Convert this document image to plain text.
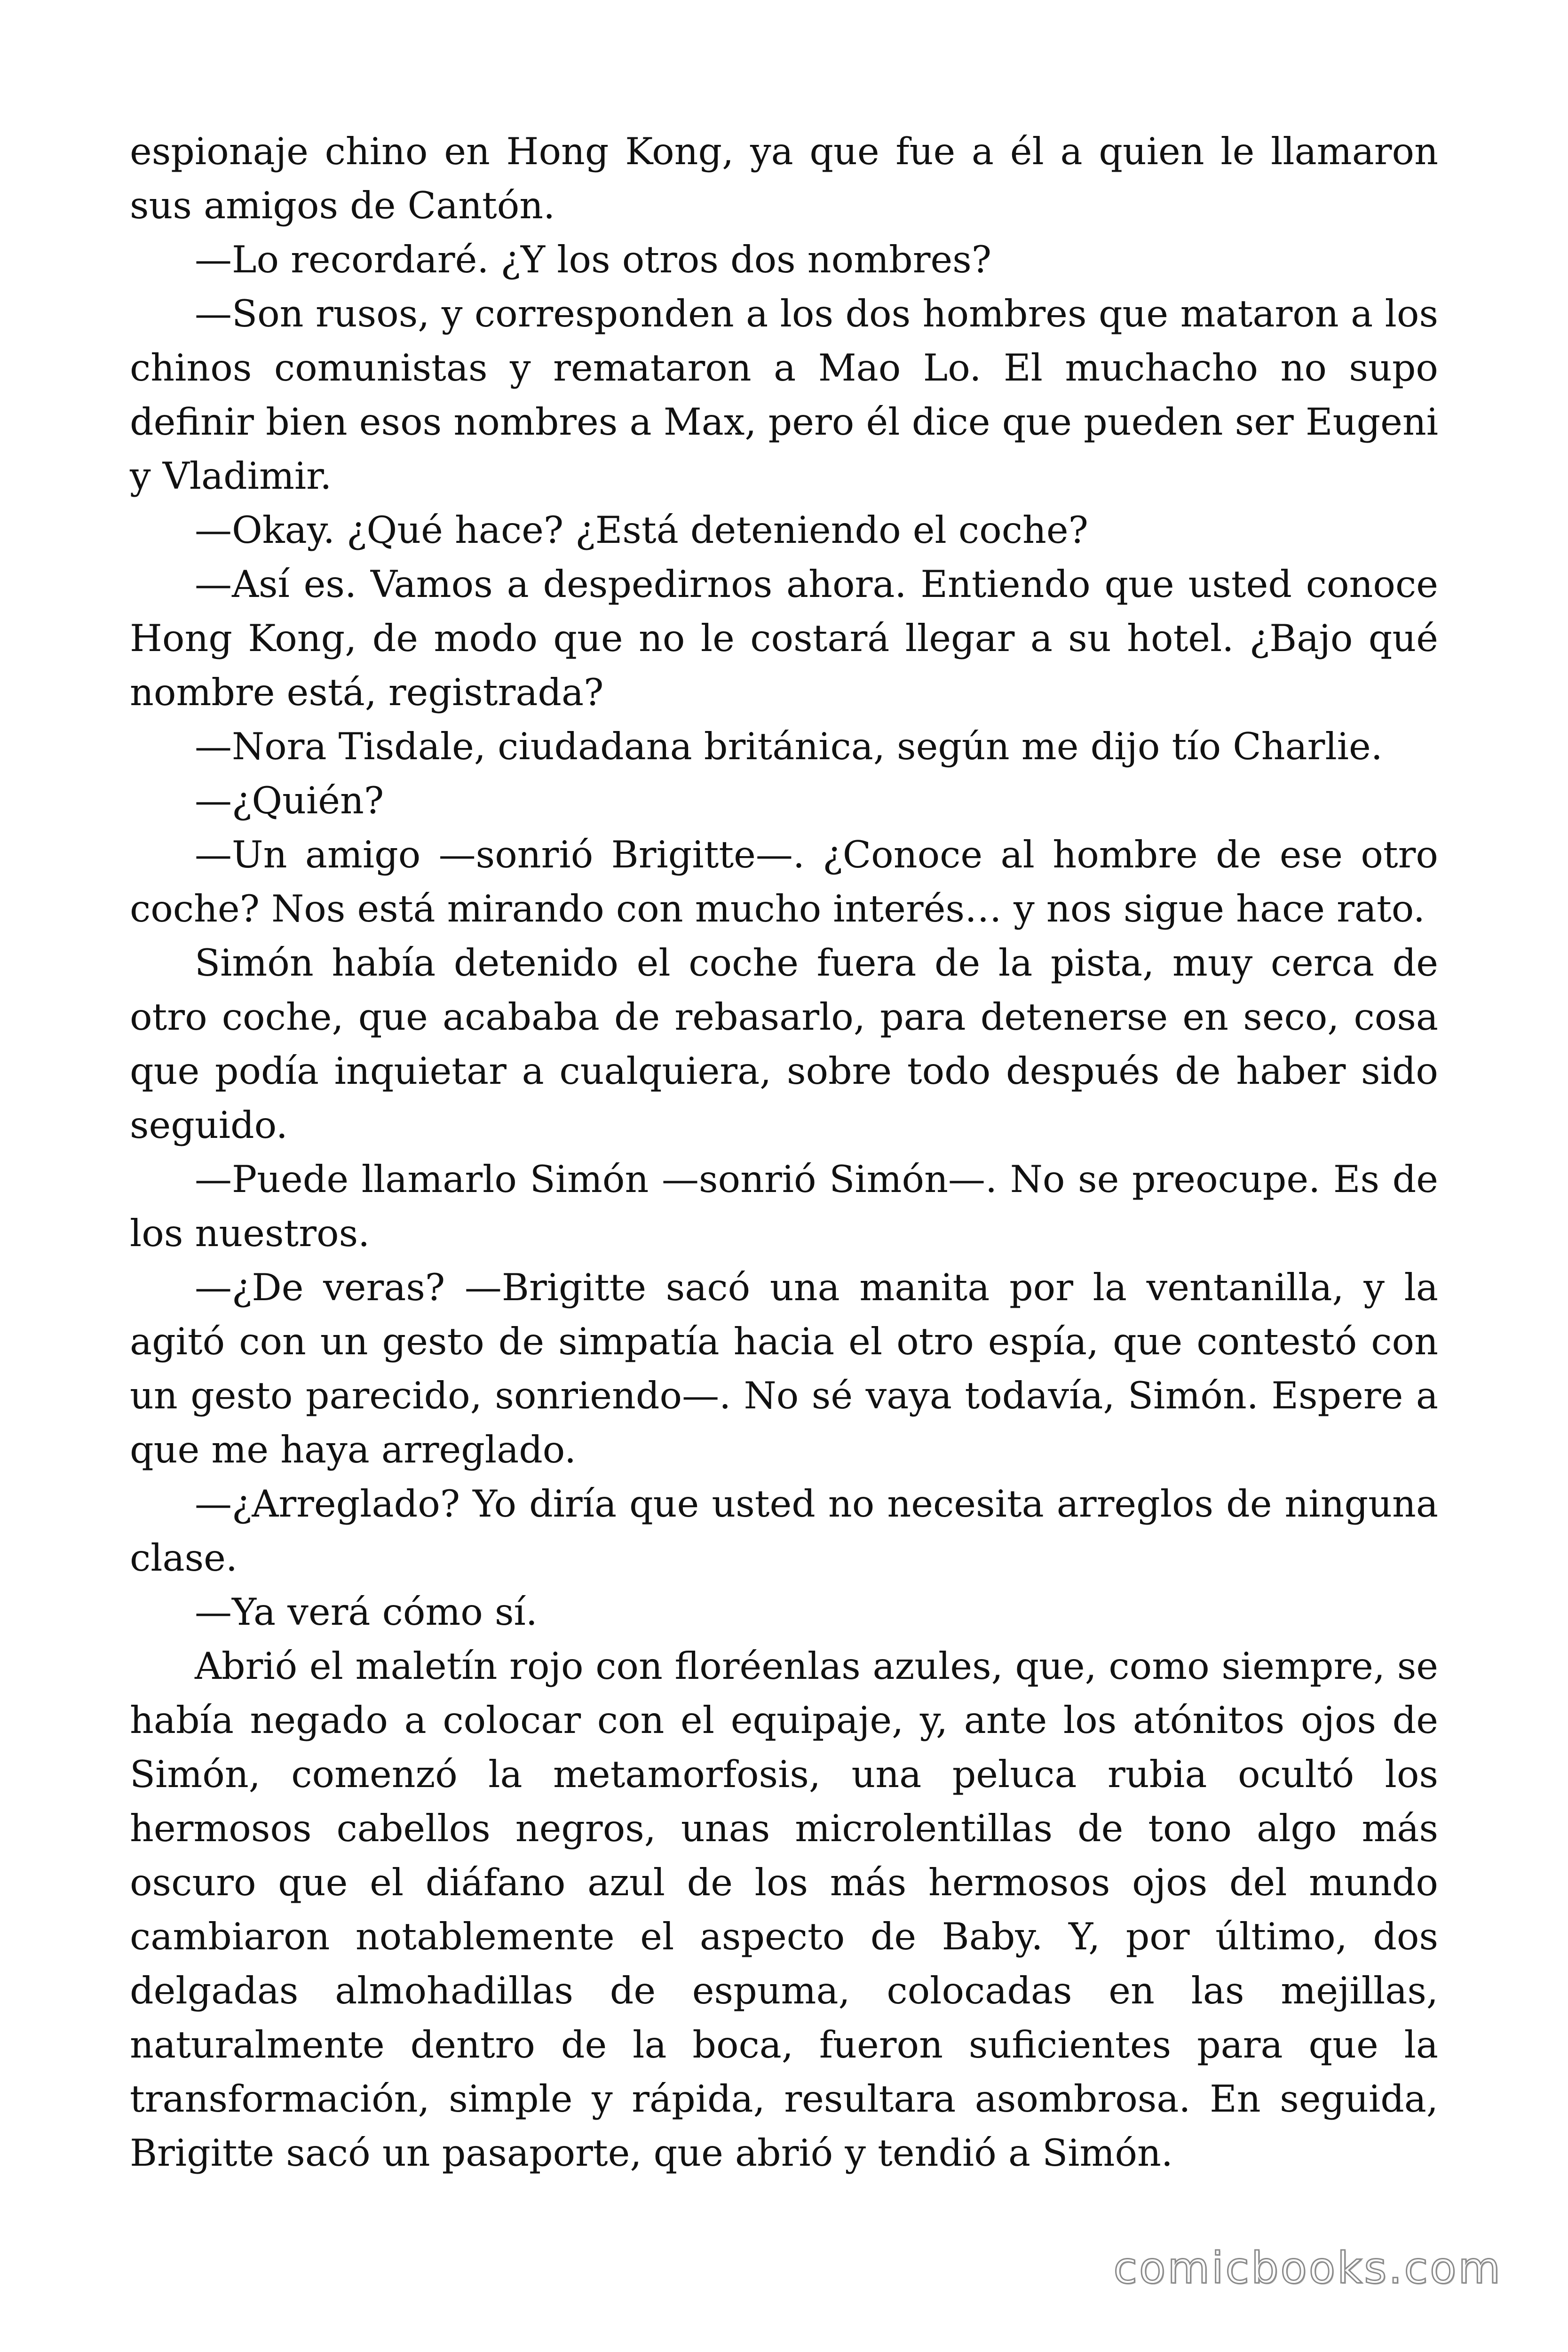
espionaje chino en Hong Kong, ya que fue a él a quien le llamaron sus amigos de Cantón.

—Lo recordaré. ¿Y los otros dos nombres?

—Son rusos, y corresponden a los dos hombres que mataron a los chinos comunistas y remataron a Mao Lo. El muchacho no supo definir bien esos nombres a Max, pero él dice que pueden ser Eugeni y Vladimir.

—Okay. ¿Qué hace? ¿Está deteniendo el coche?

—Así es. Vamos a despedirnos ahora. Entiendo que usted conoce Hong Kong, de modo que no le costará llegar a su hotel. ¿Bajo qué nombre está, registrada?

—Nora Tisdale, ciudadana británica, según me dijo tío Charlie.

—¿Quién?

—Un amigo —sonrió Brigitte—. ¿Conoce al hombre de ese otro coche? Nos está mirando con mucho interés… y nos sigue hace rato.

Simón había detenido el coche fuera de la pista, muy cerca de otro coche, que acababa de rebasarlo, para detenerse en seco, cosa que podía inquietar a cualquiera, sobre todo después de haber sido seguido.

—Puede llamarlo Simón —sonrió Simón—. No se preocupe. Es de los nuestros.

—¿De veras? —Brigitte sacó una manita por la ventanilla, y la agitó con un gesto de simpatía hacia el otro espía, que contestó con un gesto parecido, sonriendo—. No sé vaya todavía, Simón. Espere a que me haya arreglado.

—¿Arreglado? Yo diría que usted no necesita arreglos de ninguna clase.

—Ya verá cómo sí.

Abrió el maletín rojo con floréenlas azules, que, como siempre, se había negado a colocar con el equipaje, y, ante los atónitos ojos de Simón, comenzó la metamorfosis, una peluca rubia ocultó los hermosos cabellos negros, unas microlentillas de tono algo más oscuro que el diáfano azul de los más hermosos ojos del mundo cambiaron notablemente el aspecto de Baby. Y, por último, dos delgadas almohadillas de espuma, colocadas en las mejillas, naturalmente dentro de la boca, fueron suficientes para que la transformación, simple y rápida, resultara asombrosa. En seguida, Brigitte sacó un pasaporte, que abrió y tendió a Simón.

comicbooks.com
